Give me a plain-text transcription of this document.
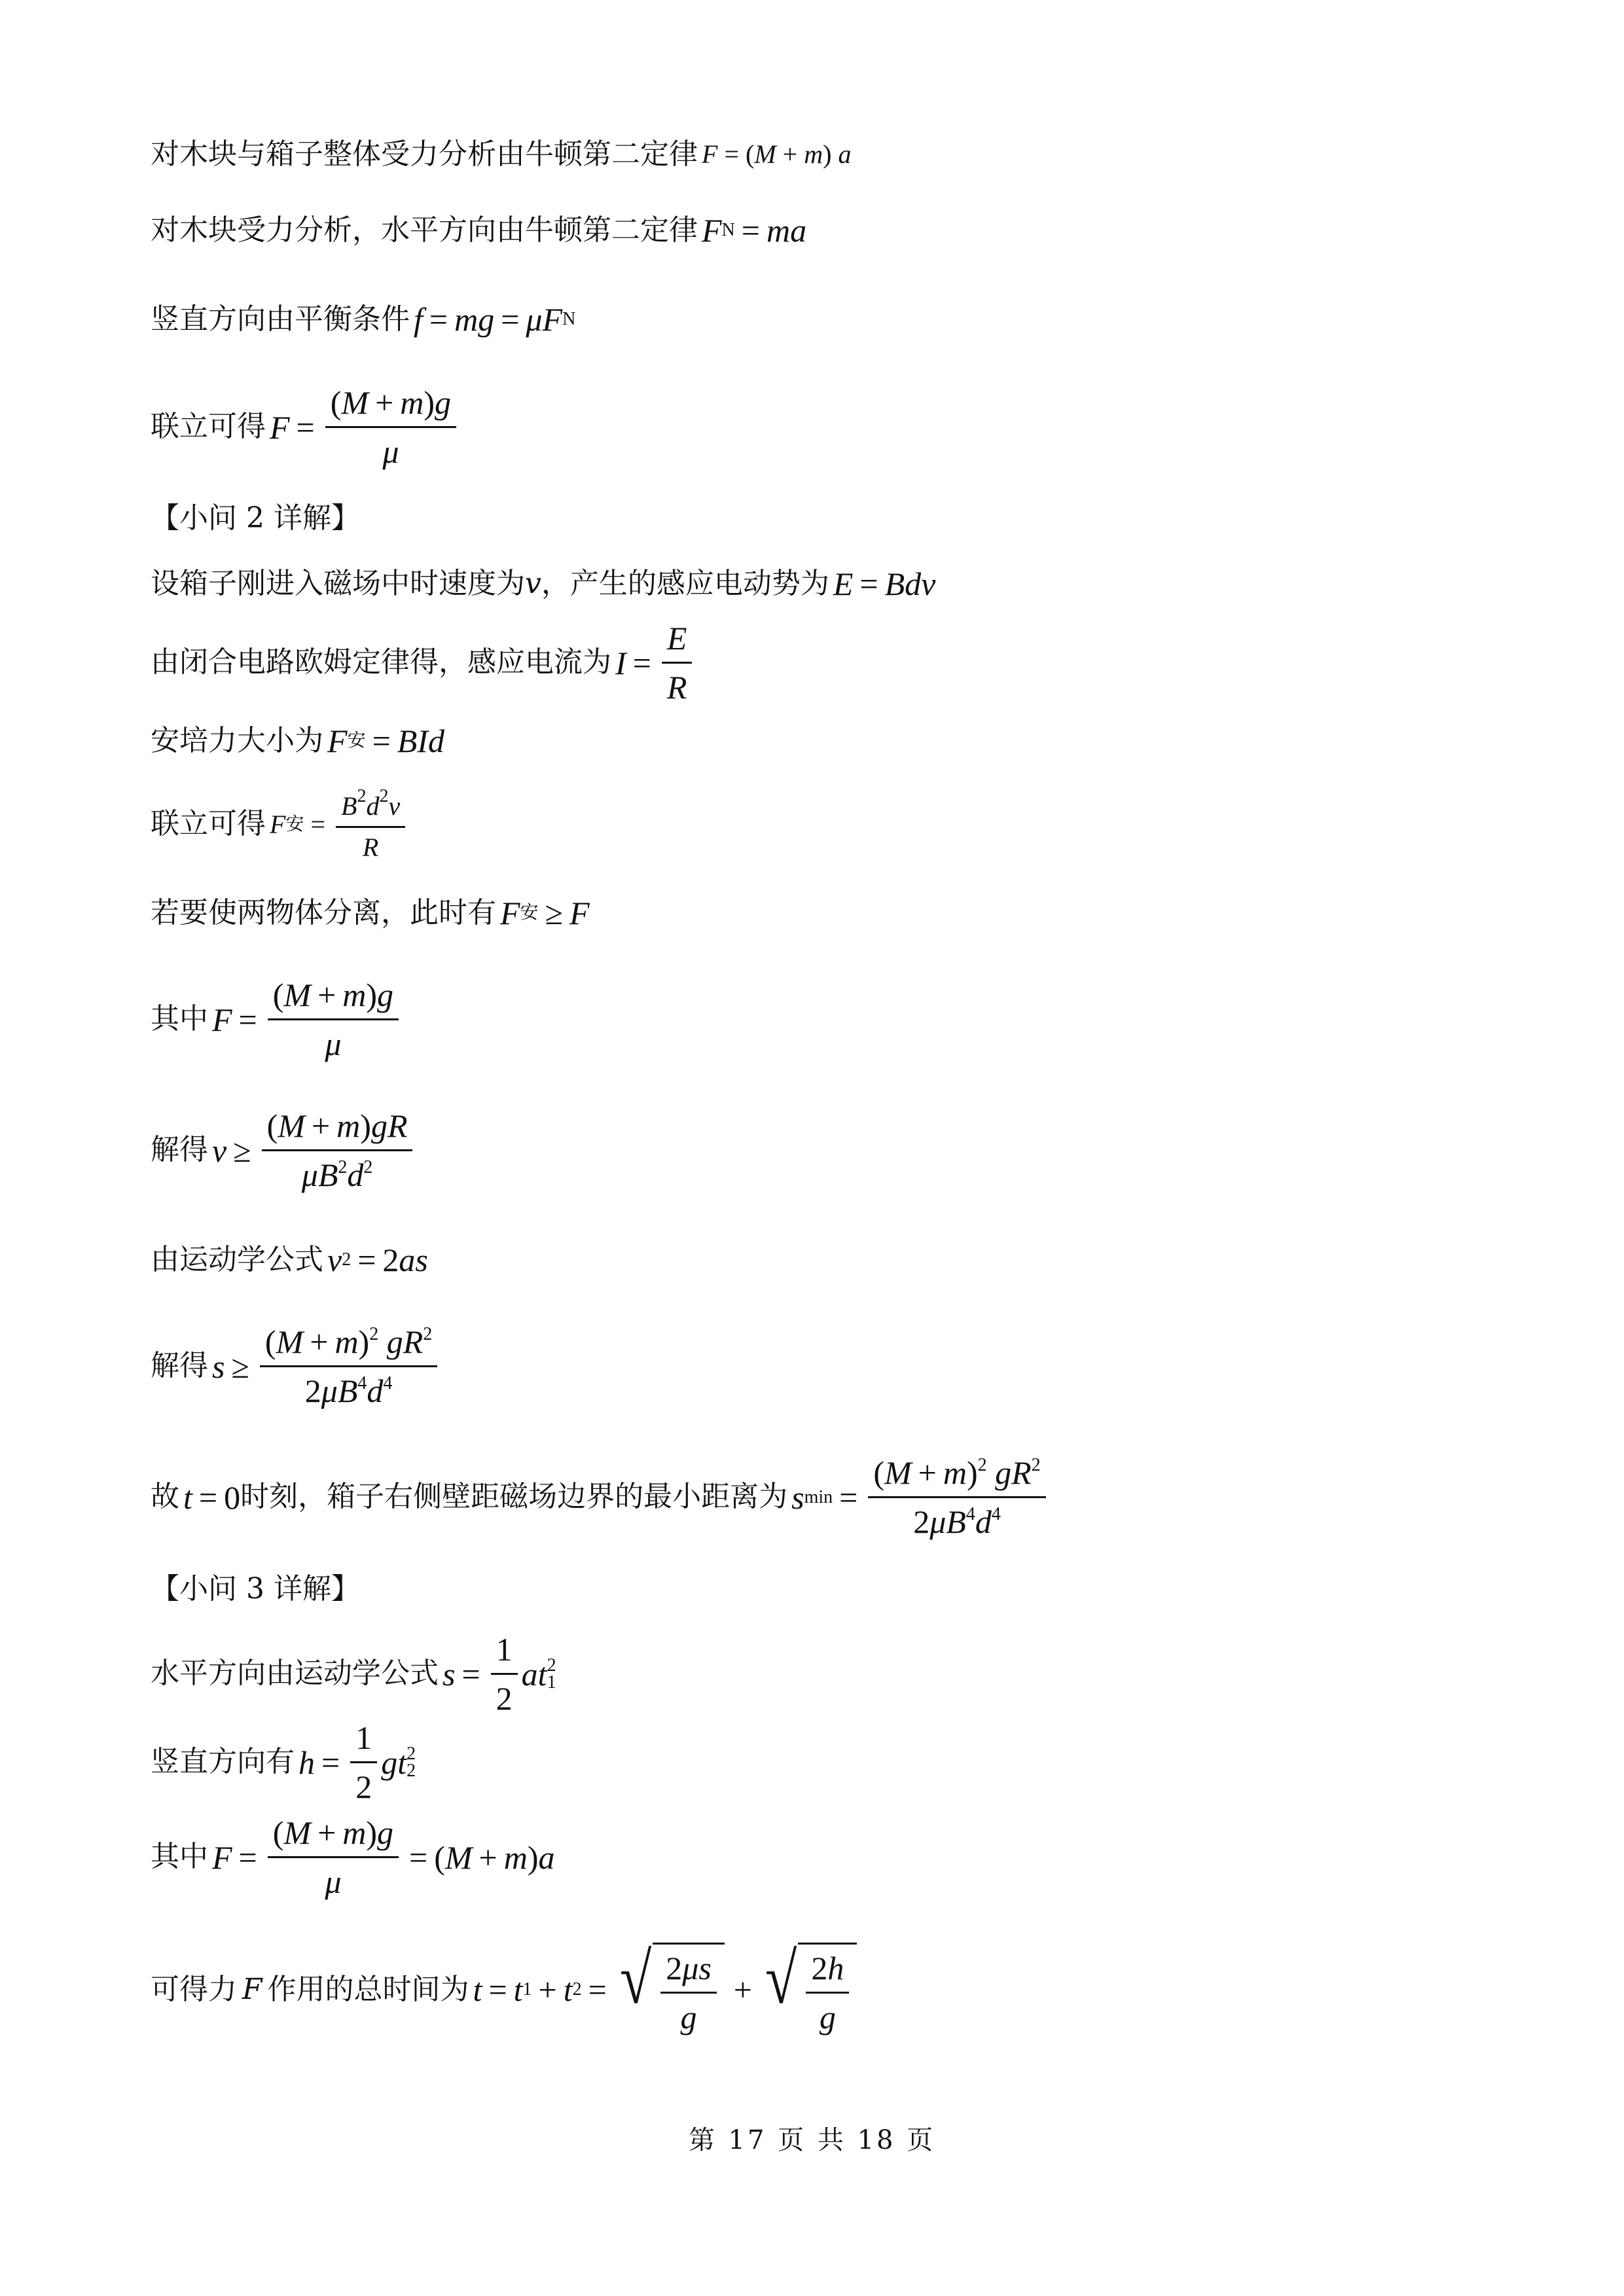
对木块与箱子整体受力分析由牛顿第二定律 F = ( M + m ) a
对木块受力分析，水平方向由牛顿第二定律 F N = ma
竖直方向由平衡条件 f = mg = μF N
联立可得 $F = \frac{(M + m)g}{\mu}$
【小问 2 详解】
设箱子刚进入磁场中时速度为 v ，产生的感应电动势为 E = Bdv
由闭合电路欧姆定律得，感应电流为 $I = \frac{E}{R}$
安培力大小为 F 安 = BId
联立可得 F 安 = $\frac{B^2d^2v}{R}$
若要使两物体分离，此时有 F 安 ≥ F
其中 $F = \frac{(M + m)g}{\mu}$
解得 $v \ge \frac{(M + m)gR}{\mu B^2d^2}$
由运动学公式 v 2 = 2 as
解得 $s \ge \frac{(M + m)^2 gR^2}{2\mu B^4d^4}$
故 t = 0 时刻，箱子右侧壁距磁场边界的最小距离为 s $\min = \frac{(M + m)^2 gR^2}{2\mu B^4d^4}$
【小问 3 详解】
水平方向由运动学公式 $s = \frac{1}{2}$ at 2
1
竖直方向有 $h = \frac{1}{2}$ gt 2
2
其中 $F = \frac{(M + m)g}{\mu}$ = ( M + m ) a
可得力 F 作用的总时间为 t = t 1 + t 2 = √ $\frac{2\mu s}{g}$ + √ $\frac{2h}{g}$
第 17 页 共 18 页
